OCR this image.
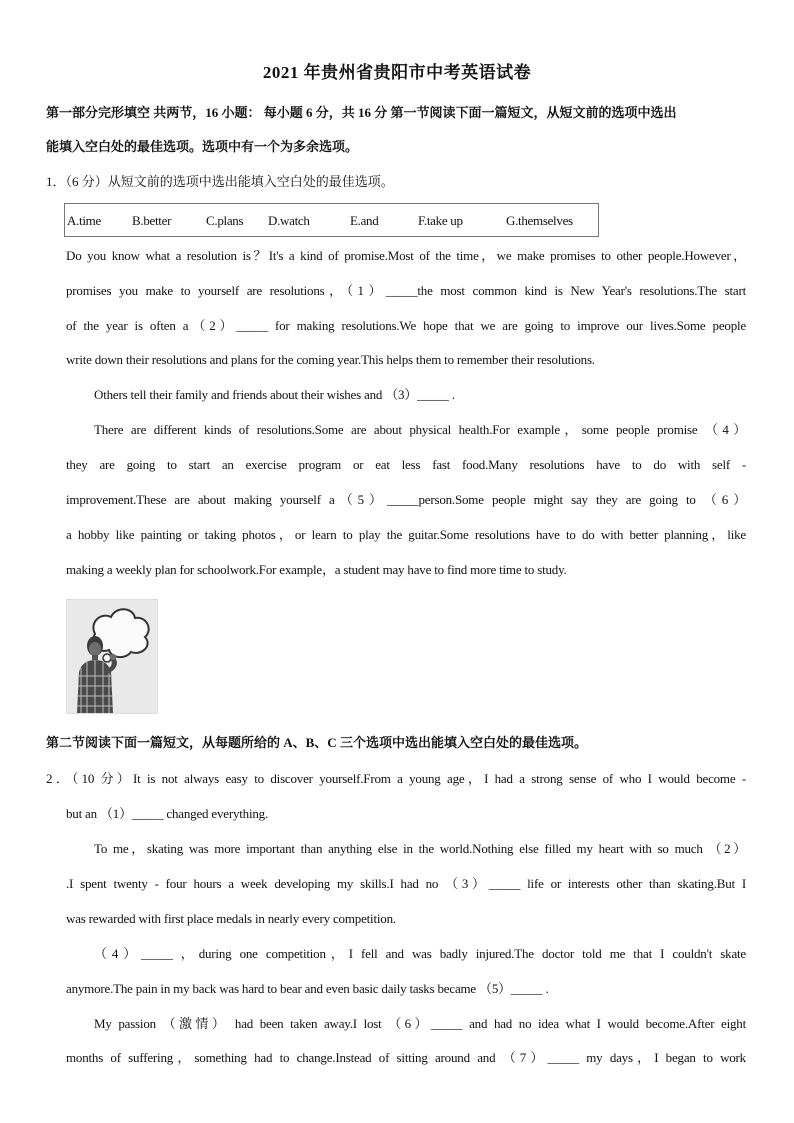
2021 年贵州省贵阳市中考英语试卷
第一部分完形填空 共两节，16 小题： 每小题 6 分，共 16 分 第一节阅读下面一篇短文，从短文前的选项中选出
能填入空白处的最佳选项。选项中有一个为多余选项。
1．（6 分）从短文前的选项中选出能填入空白处的最佳选项。
A.time B.better	C.plans D.watch	E.and	F.take up	G.themselves
Do you know what a resolution is？It's a kind of promise.Most of the time，we make promises to other people.However，
promises you make to yourself are resolutions，（1）_____the most common kind is New Year's resolutions.The start
of the year is often a（2）_____ for making resolutions.We hope that we are going to improve our lives.Some people
write down their resolutions and plans for the coming year.This helps them to remember their resolutions.
Others tell their family and friends about their wishes and （3）_____ .
There are different kinds of resolutions.Some are about physical health.For example，some people promise （4）
they are going to start an exercise program or eat less fast food.Many resolutions have to do with self -
improvement.These are about making yourself a（5）_____person.Some people might say they are going to （6）
a hobby like painting or taking photos，or learn to play the guitar.Some resolutions have to do with better planning，like
making a weekly plan for schoolwork.For example，a student may have to find more time to study.
第二节阅读下面一篇短文，从每题所给的 A、B、C 三个选项中选出能填入空白处的最佳选项。
2．（10 分）It is not always easy to discover yourself.From a young age，I had a strong sense of who I would become -
but an （1）_____ changed everything.
To me，skating was more important than anything else in the world.Nothing else filled my heart with so much （2）
.I spent twenty - four hours a week developing my skills.I had no （3）_____ life or interests other than skating.But I
was rewarded with first place medals in nearly every competition.
（4）_____ ，during one competition，I fell and was badly injured.The doctor told me that I couldn't skate
anymore.The pain in my back was hard to bear and even basic daily tasks became （5）_____ .
My passion （激情） had been taken away.I lost （6）_____ and had no idea what I would become.After eight
months of suffering，something had to change.Instead of sitting around and （7）_____ my days，I began to work
